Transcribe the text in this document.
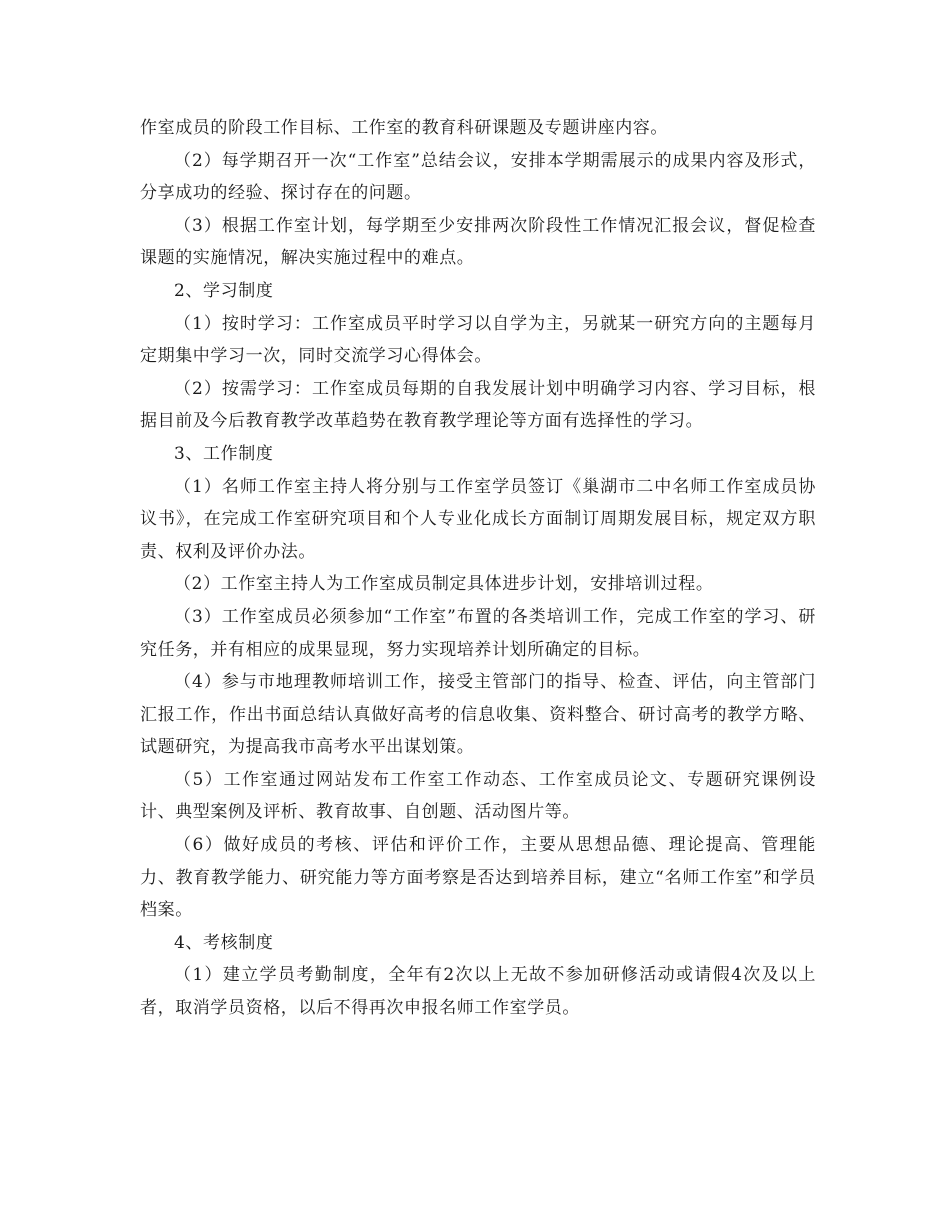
作室成员的阶段工作目标、工作室的教育科研课题及专题讲座内容。

（2）每学期召开一次“工作室”总结会议，安排本学期需展示的成果内容及形式，分享成功的经验、探讨存在的问题。

（3）根据工作室计划，每学期至少安排两次阶段性工作情况汇报会议，督促检查课题的实施情况，解决实施过程中的难点。

2、学习制度

（1）按时学习：工作室成员平时学习以自学为主，另就某一研究方向的主题每月定期集中学习一次，同时交流学习心得体会。

（2）按需学习：工作室成员每期的自我发展计划中明确学习内容、学习目标，根据目前及今后教育教学改革趋势在教育教学理论等方面有选择性的学习。

3、工作制度

（1）名师工作室主持人将分别与工作室学员签订《巢湖市二中名师工作室成员协议书》，在完成工作室研究项目和个人专业化成长方面制订周期发展目标，规定双方职责、权利及评价办法。

（2）工作室主持人为工作室成员制定具体进步计划，安排培训过程。

（3）工作室成员必须参加“工作室”布置的各类培训工作，完成工作室的学习、研究任务，并有相应的成果显现，努力实现培养计划所确定的目标。

（4）参与市地理教师培训工作，接受主管部门的指导、检查、评估，向主管部门汇报工作，作出书面总结认真做好高考的信息收集、资料整合、研讨高考的教学方略、试题研究，为提高我市高考水平出谋划策。

（5）工作室通过网站发布工作室工作动态、工作室成员论文、专题研究课例设计、典型案例及评析、教育故事、自创题、活动图片等。

（6）做好成员的考核、评估和评价工作，主要从思想品德、理论提高、管理能力、教育教学能力、研究能力等方面考察是否达到培养目标，建立“名师工作室”和学员档案。

4、考核制度

（1）建立学员考勤制度，全年有2次以上无故不参加研修活动或请假4次及以上者，取消学员资格，以后不得再次申报名师工作室学员。
